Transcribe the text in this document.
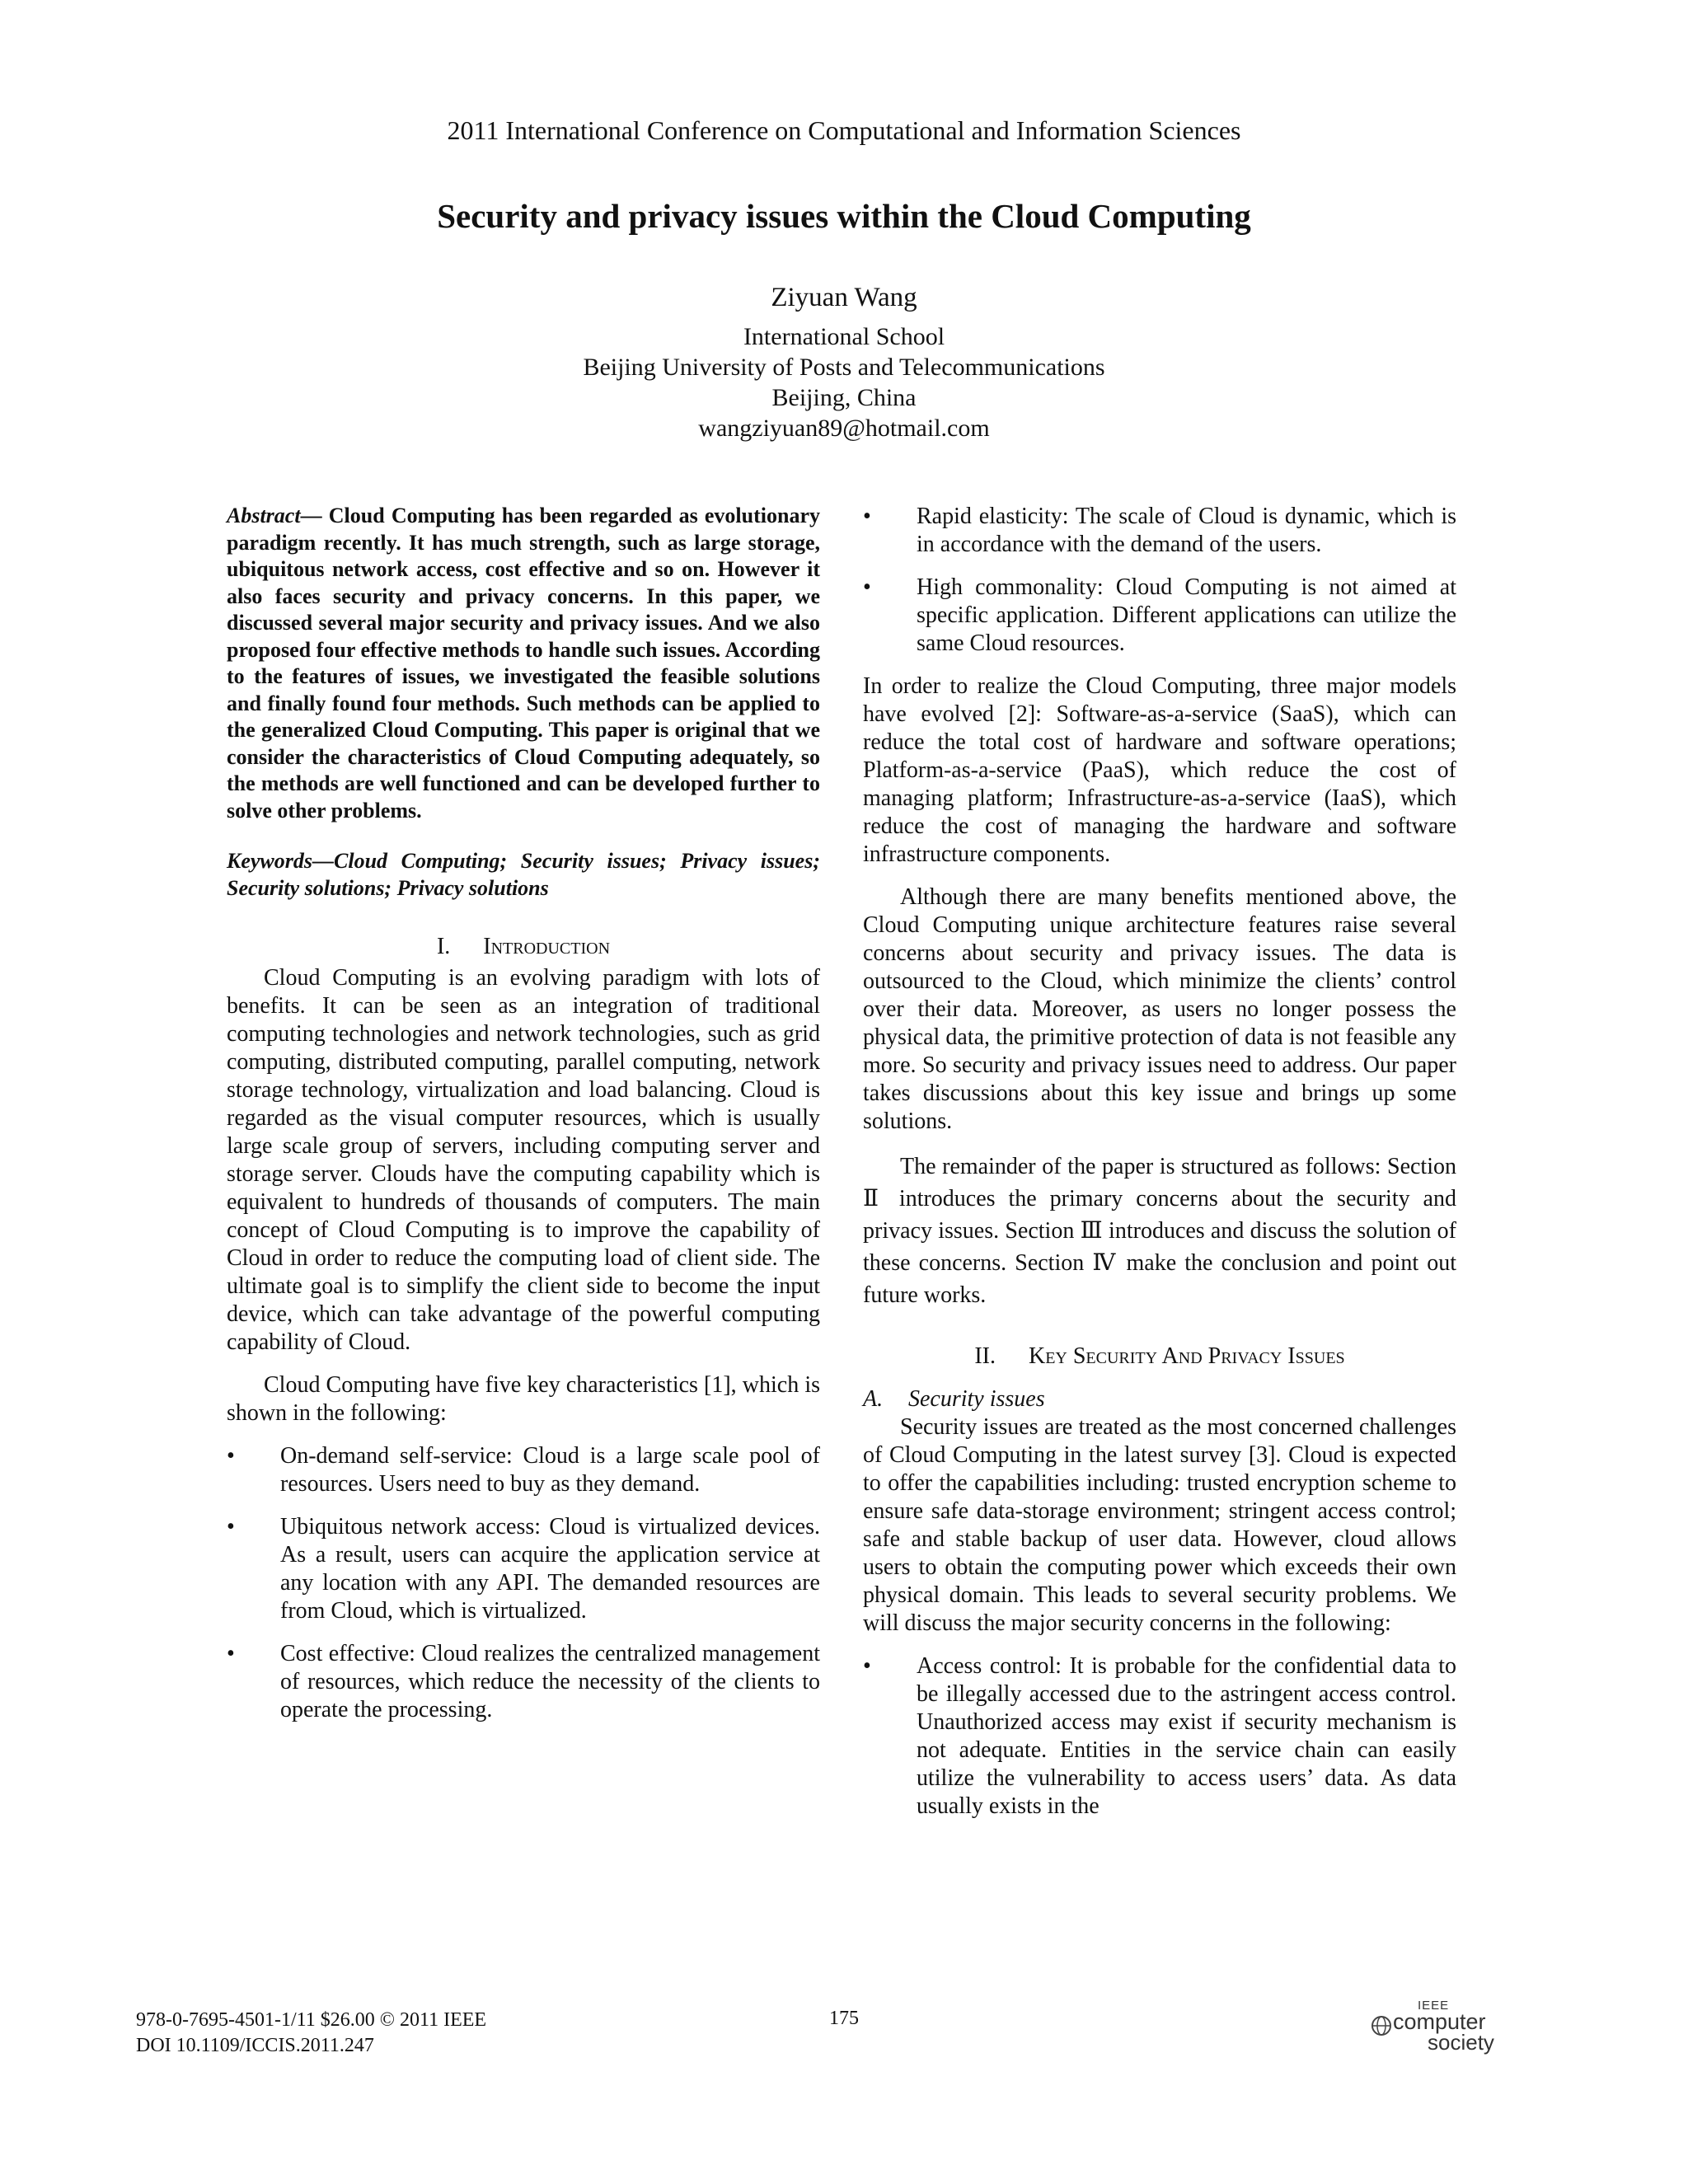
2011 International Conference on Computational and Information Sciences
Security and privacy issues within the Cloud Computing
Ziyuan Wang
International School
Beijing University of Posts and Telecommunications
Beijing, China
wangziyuan89@hotmail.com

Abstract— Cloud Computing has been regarded as evolutionary paradigm recently. It has much strength, such as large storage, ubiquitous network access, cost effective and so on. However it also faces security and privacy concerns. In this paper, we discussed several major security and privacy issues. And we also proposed four effective methods to handle such issues. According to the features of issues, we investigated the feasible solutions and finally found four methods. Such methods can be applied to the generalized Cloud Computing. This paper is original that we consider the characteristics of Cloud Computing adequately, so the methods are well functioned and can be developed further to solve other problems.

Keywords—Cloud Computing; Security issues; Privacy issues; Security solutions; Privacy solutions

I. Introduction

Cloud Computing is an evolving paradigm with lots of benefits. It can be seen as an integration of traditional computing technologies and network technologies, such as grid computing, distributed computing, parallel computing, network storage technology, virtualization and load balancing. Cloud is regarded as the visual computer resources, which is usually large scale group of servers, including computing server and storage server. Clouds have the computing capability which is equivalent to hundreds of thousands of computers. The main concept of Cloud Computing is to improve the capability of Cloud in order to reduce the computing load of client side. The ultimate goal is to simplify the client side to become the input device, which can take advantage of the powerful computing capability of Cloud.

Cloud Computing have five key characteristics [1], which is shown in the following:

•	On-demand self-service: Cloud is a large scale pool of resources. Users need to buy as they demand.
•	Ubiquitous network access: Cloud is virtualized devices. As a result, users can acquire the application service at any location with any API. The demanded resources are from Cloud, which is virtualized.
•	Cost effective: Cloud realizes the centralized management of resources, which reduce the necessity of the clients to operate the processing.
•	Rapid elasticity: The scale of Cloud is dynamic, which is in accordance with the demand of the users.
•	High commonality: Cloud Computing is not aimed at specific application. Different applications can utilize the same Cloud resources.

In order to realize the Cloud Computing, three major models have evolved [2]: Software-as-a-service (SaaS), which can reduce the total cost of hardware and software operations; Platform-as-a-service (PaaS), which reduce the cost of managing platform; Infrastructure-as-a-service (IaaS), which reduce the cost of managing the hardware and software infrastructure components.

Although there are many benefits mentioned above, the Cloud Computing unique architecture features raise several concerns about security and privacy issues. The data is outsourced to the Cloud, which minimize the clients’ control over their data. Moreover, as users no longer possess the physical data, the primitive protection of data is not feasible any more. So security and privacy issues need to address. Our paper takes discussions about this key issue and brings up some solutions.

The remainder of the paper is structured as follows: Section Ⅱ introduces the primary concerns about the security and privacy issues. Section Ⅲ introduces and discuss the solution of these concerns. Section Ⅳ make the conclusion and point out future works.

II. Key Security And Privacy Issues
A. Security issues

Security issues are treated as the most concerned challenges of Cloud Computing in the latest survey [3]. Cloud is expected to offer the capabilities including: trusted encryption scheme to ensure safe data-storage environment; stringent access control; safe and stable backup of user data. However, cloud allows users to obtain the computing power which exceeds their own physical domain. This leads to several security problems. We will discuss the major security concerns in the following:

•	Access control: It is probable for the confidential data to be illegally accessed due to the astringent access control. Unauthorized access may exist if security mechanism is not adequate. Entities in the service chain can easily utilize the vulnerability to access users’ data. As data usually exists in the
978-0-7695-4501-1/11 $26.00 © 2011 IEEE
DOI 10.1109/ICCIS.2011.247
175
IEEE
computer
society
